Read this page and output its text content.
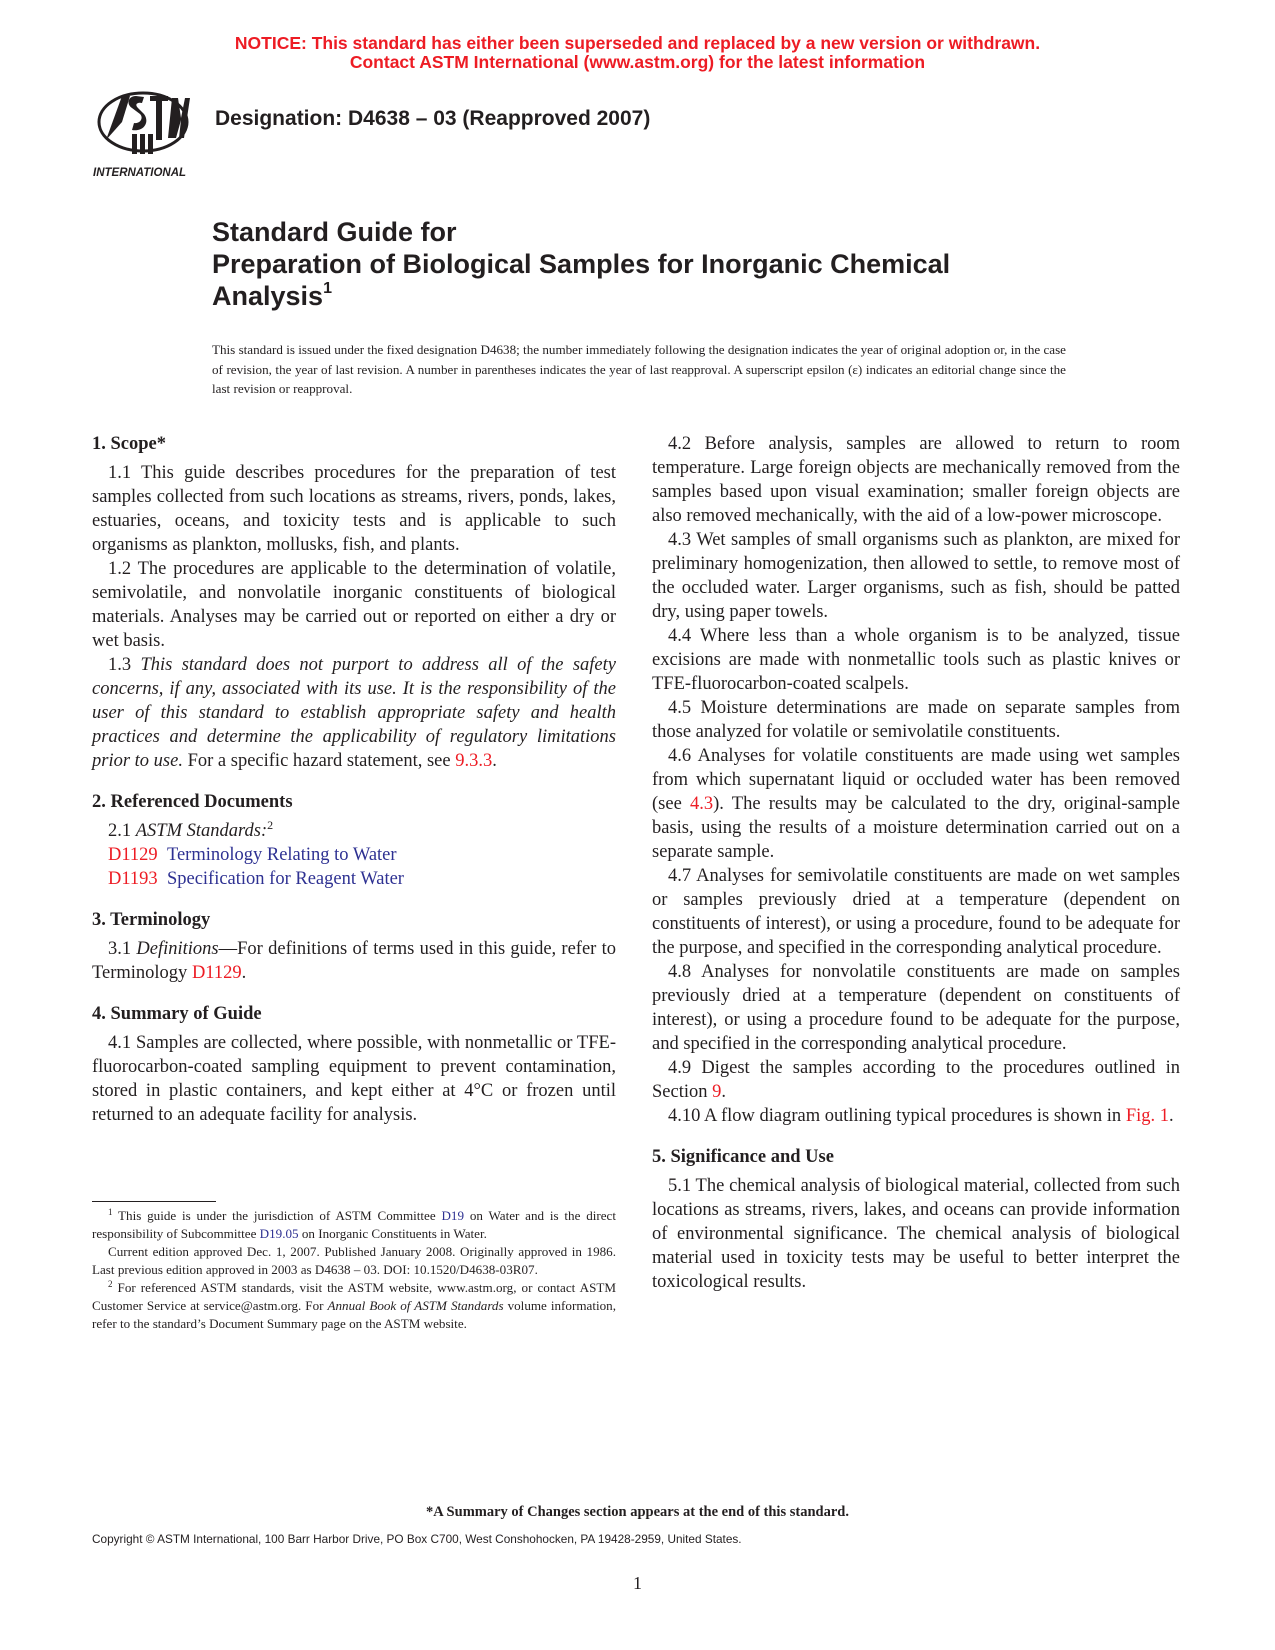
NOTICE: This standard has either been superseded and replaced by a new version or withdrawn.
Contact ASTM International (www.astm.org) for the latest information
INTERNATIONAL
Designation: D4638 – 03 (Reapproved 2007)
Standard Guide for
Preparation of Biological Samples for Inorganic Chemical
Analysis$^1$
This standard is issued under the fixed designation D4638; the number immediately following the designation indicates the year of original adoption or, in the case of revision, the year of last revision. A number in parentheses indicates the year of last reapproval. A superscript epsilon (ε) indicates an editorial change since the last revision or reapproval.
1. Scope*

1.1 This guide describes procedures for the preparation of test samples collected from such locations as streams, rivers, ponds, lakes, estuaries, oceans, and toxicity tests and is applicable to such organisms as plankton, mollusks, fish, and plants.

1.2 The procedures are applicable to the determination of volatile, semivolatile, and nonvolatile inorganic constituents of biological materials. Analyses may be carried out or reported on either a dry or wet basis.

1.3 This standard does not purport to address all of the safety concerns, if any, associated with its use. It is the responsibility of the user of this standard to establish appropriate safety and health practices and determine the applicability of regulatory limitations prior to use. For a specific hazard statement, see 9.3.3.

2. Referenced Documents

2.1 ASTM Standards:$^2$

D1129 Terminology Relating to Water

D1193 Specification for Reagent Water

3. Terminology

3.1 Definitions—For definitions of terms used in this guide, refer to Terminology D1129.

4. Summary of Guide

4.1 Samples are collected, where possible, with nonmetallic or TFE-fluorocarbon-coated sampling equipment to prevent contamination, stored in plastic containers, and kept either at 4°C or frozen until returned to an adequate facility for analysis.

$^1$ This guide is under the jurisdiction of ASTM Committee D19 on Water and is the direct responsibility of Subcommittee D19.05 on Inorganic Constituents in Water.

Current edition approved Dec. 1, 2007. Published January 2008. Originally approved in 1986. Last previous edition approved in 2003 as D4638 – 03. DOI: 10.1520/D4638-03R07.

$^2$ For referenced ASTM standards, visit the ASTM website, www.astm.org, or contact ASTM Customer Service at service@astm.org. For Annual Book of ASTM Standards volume information, refer to the standard’s Document Summary page on the ASTM website.

4.2 Before analysis, samples are allowed to return to room temperature. Large foreign objects are mechanically removed from the samples based upon visual examination; smaller foreign objects are also removed mechanically, with the aid of a low-power microscope.

4.3 Wet samples of small organisms such as plankton, are mixed for preliminary homogenization, then allowed to settle, to remove most of the occluded water. Larger organisms, such as fish, should be patted dry, using paper towels.

4.4 Where less than a whole organism is to be analyzed, tissue excisions are made with nonmetallic tools such as plastic knives or TFE-fluorocarbon-coated scalpels.

4.5 Moisture determinations are made on separate samples from those analyzed for volatile or semivolatile constituents.

4.6 Analyses for volatile constituents are made using wet samples from which supernatant liquid or occluded water has been removed (see 4.3). The results may be calculated to the dry, original-sample basis, using the results of a moisture determination carried out on a separate sample.

4.7 Analyses for semivolatile constituents are made on wet samples or samples previously dried at a temperature (dependent on constituents of interest), or using a procedure, found to be adequate for the purpose, and specified in the corresponding analytical procedure.

4.8 Analyses for nonvolatile constituents are made on samples previously dried at a temperature (dependent on constituents of interest), or using a procedure found to be adequate for the purpose, and specified in the corresponding analytical procedure.

4.9 Digest the samples according to the procedures outlined in Section 9.

4.10 A flow diagram outlining typical procedures is shown in Fig. 1.

5. Significance and Use

5.1 The chemical analysis of biological material, collected from such locations as streams, rivers, lakes, and oceans can provide information of environmental significance. The chemical analysis of biological material used in toxicity tests may be useful to better interpret the toxicological results.

*A Summary of Changes section appears at the end of this standard.
Copyright © ASTM International, 100 Barr Harbor Drive, PO Box C700, West Conshohocken, PA 19428-2959, United States.
1
